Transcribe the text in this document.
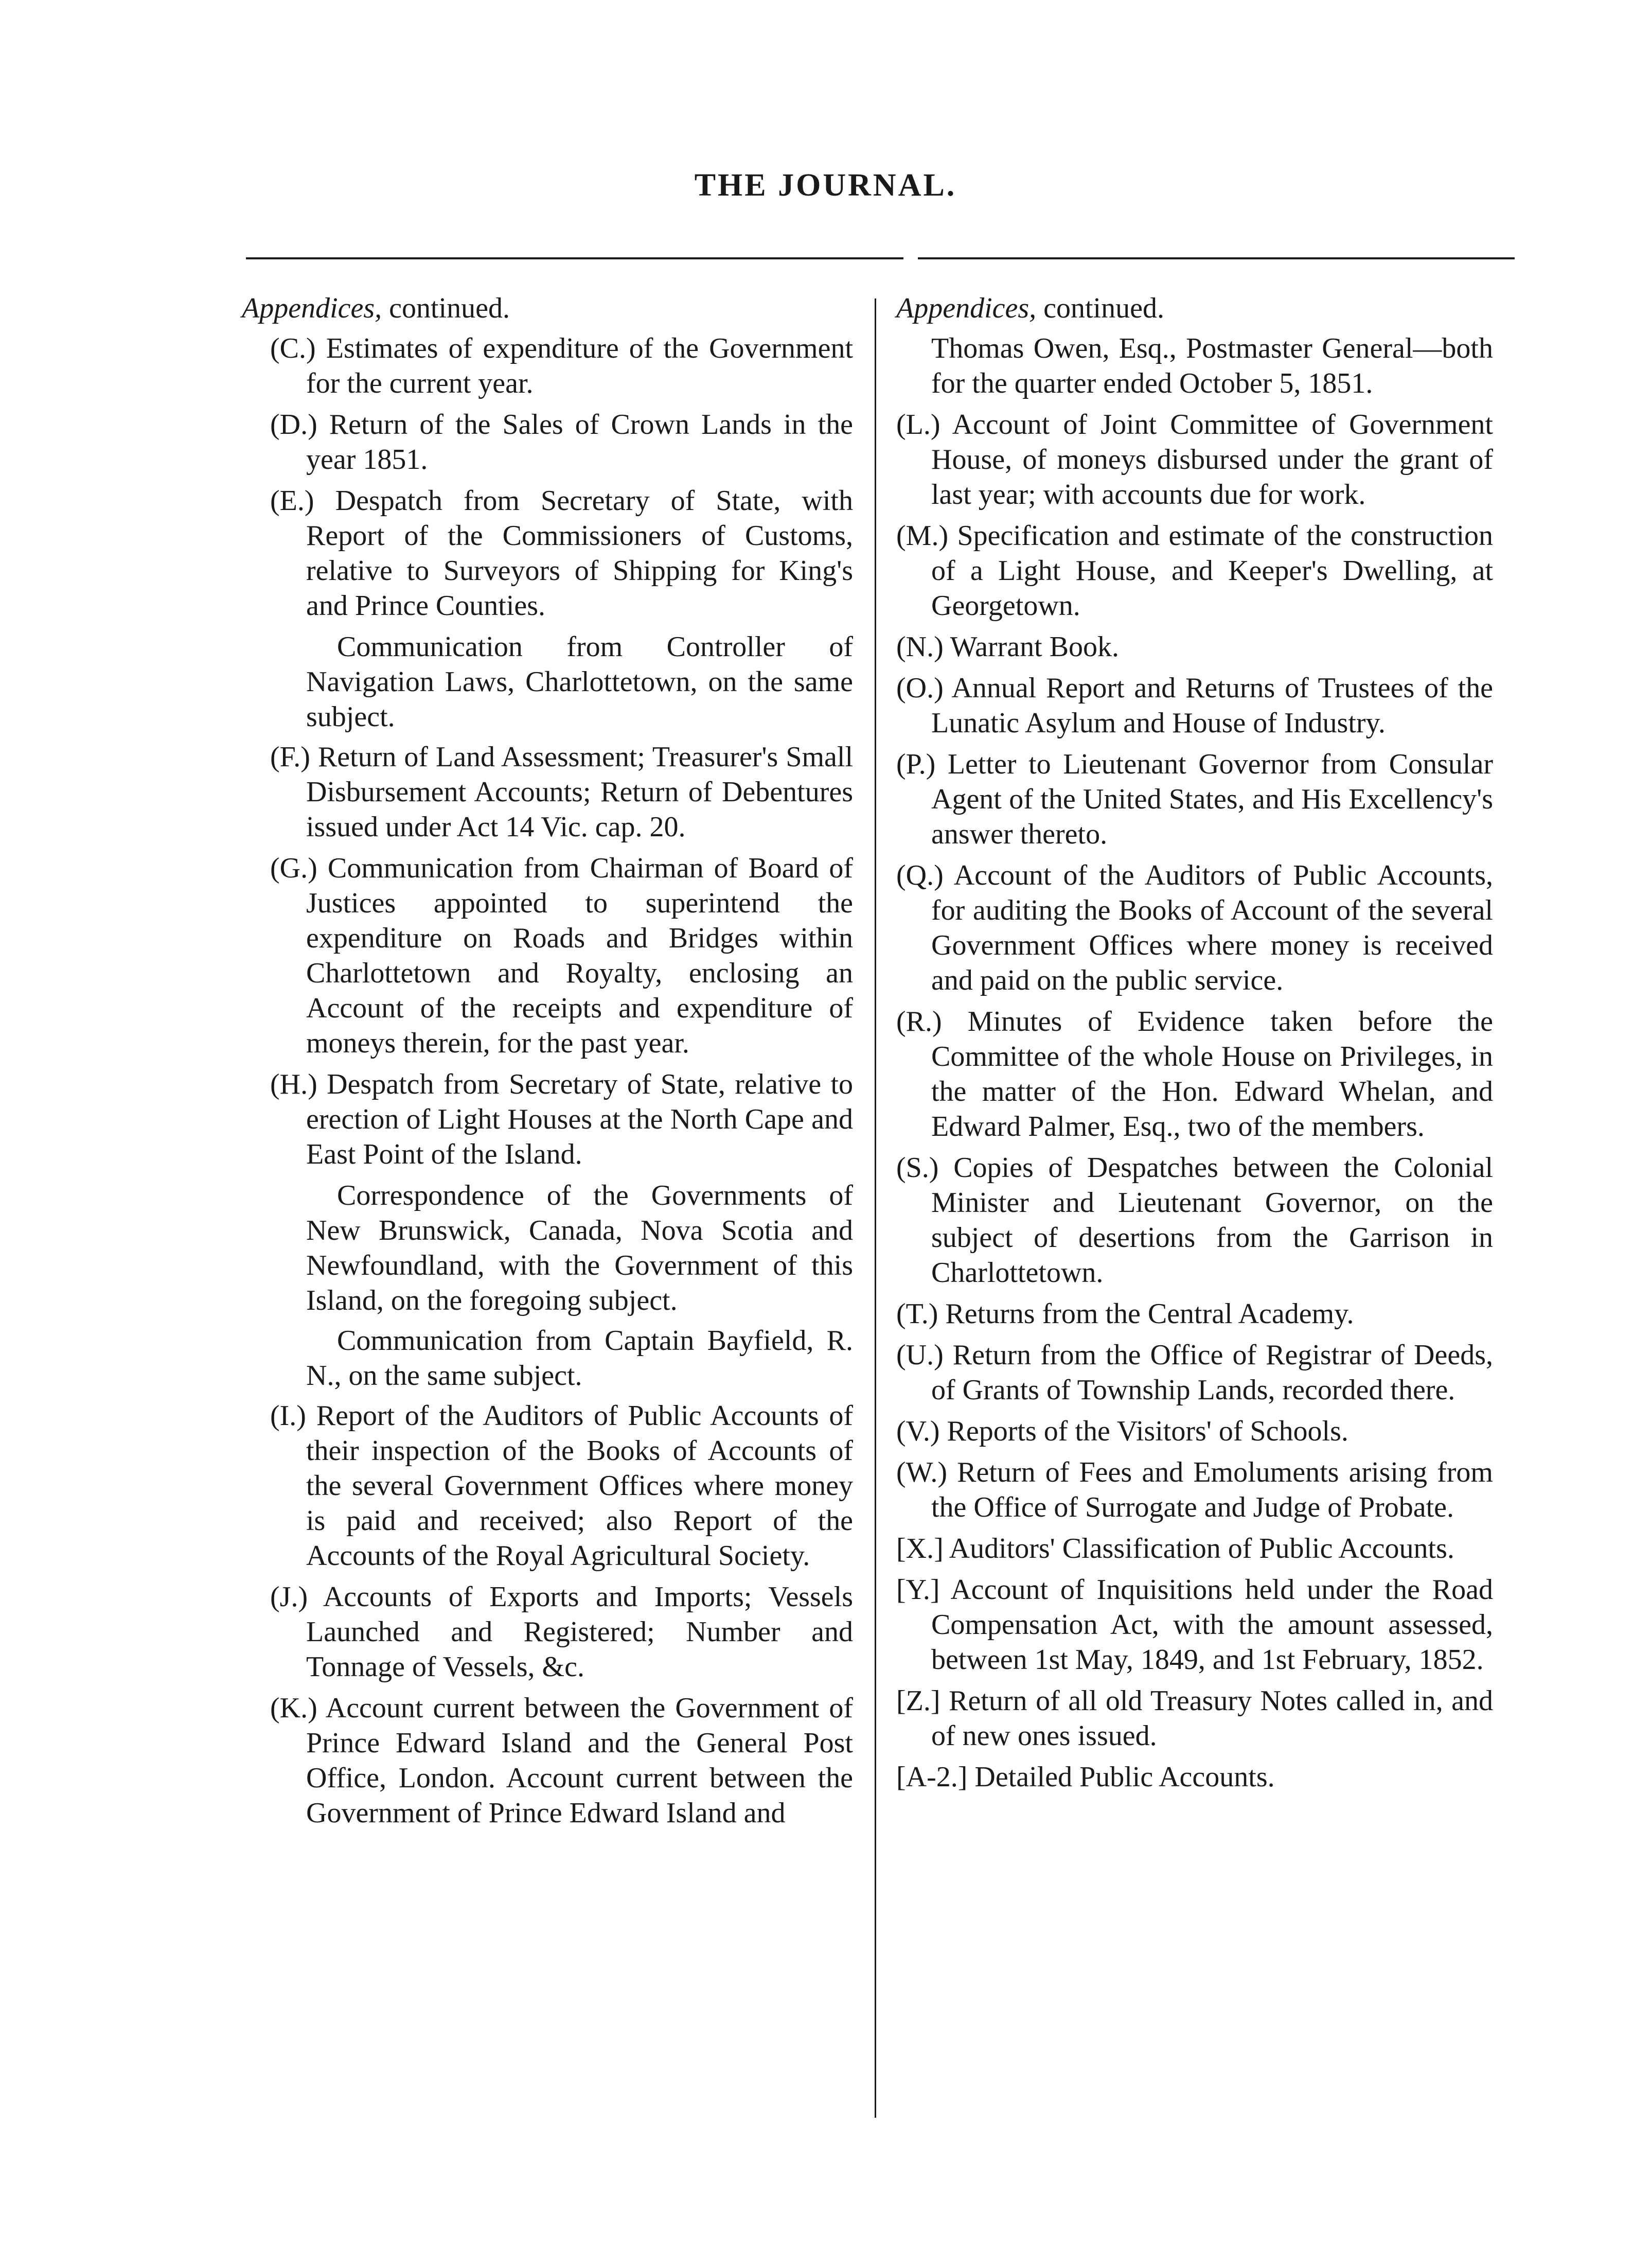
THE JOURNAL.
Appendices, continued.

(C.) Estimates of expenditure of the Government for the current year.

(D.) Return of the Sales of Crown Lands in the year 1851.

(E.) Despatch from Secretary of State, with Report of the Commissioners of Customs, relative to Surveyors of Shipping for King's and Prince Counties.

Communication from Controller of Navigation Laws, Charlottetown, on the same subject.

(F.) Return of Land Assessment; Treasurer's Small Disbursement Accounts; Return of Debentures issued under Act 14 Vic. cap. 20.

(G.) Communication from Chairman of Board of Justices appointed to superintend the expenditure on Roads and Bridges within Charlottetown and Royalty, enclosing an Account of the receipts and expenditure of moneys therein, for the past year.

(H.) Despatch from Secretary of State, relative to erection of Light Houses at the North Cape and East Point of the Island.

Correspondence of the Governments of New Brunswick, Canada, Nova Scotia and Newfoundland, with the Government of this Island, on the foregoing subject.

Communication from Captain Bayfield, R. N., on the same subject.

(I.) Report of the Auditors of Public Accounts of their inspection of the Books of Accounts of the several Government Offices where money is paid and received; also Report of the Accounts of the Royal Agricultural Society.

(J.) Accounts of Exports and Imports; Vessels Launched and Registered; Number and Tonnage of Vessels, &c.

(K.) Account current between the Government of Prince Edward Island and the General Post Office, London. Account current between the Government of Prince Edward Island and

Appendices, continued.

Thomas Owen, Esq., Postmaster General—both for the quarter ended October 5, 1851.

(L.) Account of Joint Committee of Government House, of moneys disbursed under the grant of last year; with accounts due for work.

(M.) Specification and estimate of the construction of a Light House, and Keeper's Dwelling, at Georgetown.

(N.) Warrant Book.

(O.) Annual Report and Returns of Trustees of the Lunatic Asylum and House of Industry.

(P.) Letter to Lieutenant Governor from Consular Agent of the United States, and His Excellency's answer thereto.

(Q.) Account of the Auditors of Public Accounts, for auditing the Books of Account of the several Government Offices where money is received and paid on the public service.

(R.) Minutes of Evidence taken before the Committee of the whole House on Privileges, in the matter of the Hon. Edward Whelan, and Edward Palmer, Esq., two of the members.

(S.) Copies of Despatches between the Colonial Minister and Lieutenant Governor, on the subject of desertions from the Garrison in Charlottetown.

(T.) Returns from the Central Academy.

(U.) Return from the Office of Registrar of Deeds, of Grants of Township Lands, recorded there.

(V.) Reports of the Visitors' of Schools.

(W.) Return of Fees and Emoluments arising from the Office of Surrogate and Judge of Probate.

[X.] Auditors' Classification of Public Accounts.

[Y.] Account of Inquisitions held under the Road Compensation Act, with the amount assessed, between 1st May, 1849, and 1st February, 1852.

[Z.] Return of all old Treasury Notes called in, and of new ones issued.

[A-2.] Detailed Public Accounts.
